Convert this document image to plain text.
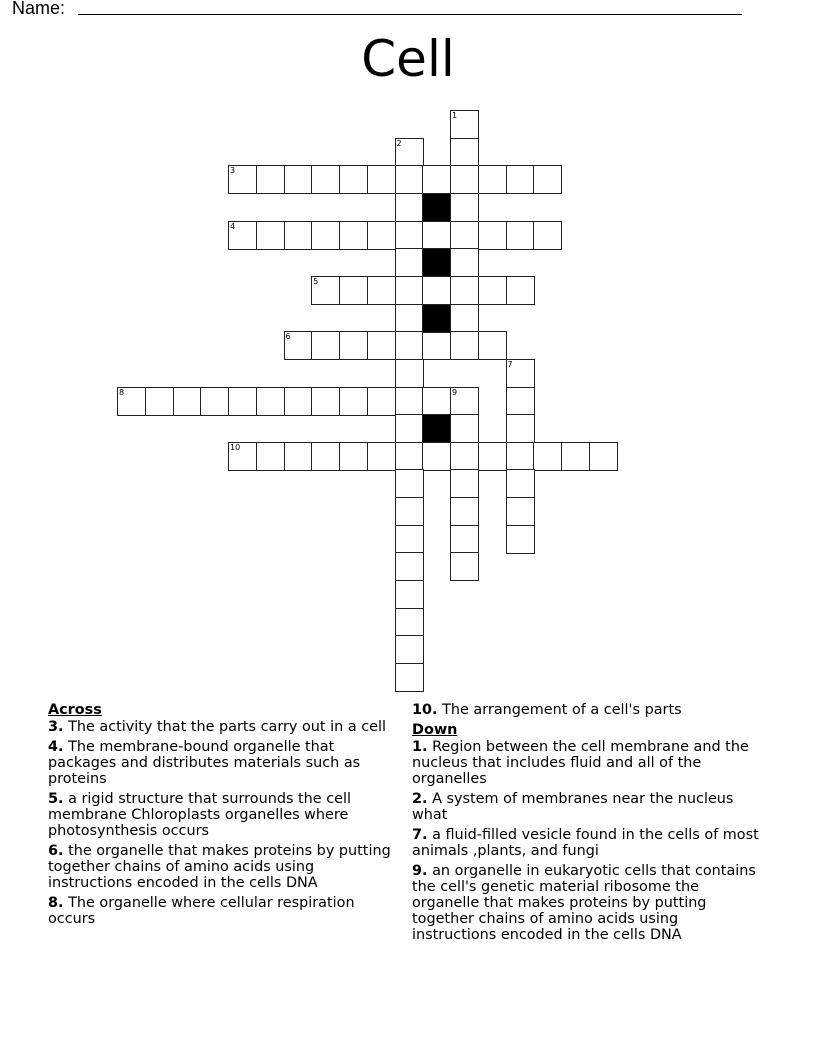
Name:
Cell
1
2
3
4
5
6
7
8	9
10
Across
3. The activity that the parts carry out in a cell
4. The membrane-bound organelle that packages and distributes materials such as proteins
5. a rigid structure that surrounds the cell membrane Chloroplasts organelles where photosynthesis occurs
6. the organelle that makes proteins by putting together chains of amino acids using instructions encoded in the cells DNA
8. The organelle where cellular respiration occurs
10. The arrangement of a cell's parts
Down
1. Region between the cell membrane and the nucleus that includes fluid and all of the organelles
2. A system of membranes near the nucleus what
7. a fluid-filled vesicle found in the cells of most animals ,plants, and fungi
9. an organelle in eukaryotic cells that contains the cell's genetic material ribosome the organelle that makes proteins by putting together chains of amino acids using instructions encoded in the cells DNA
